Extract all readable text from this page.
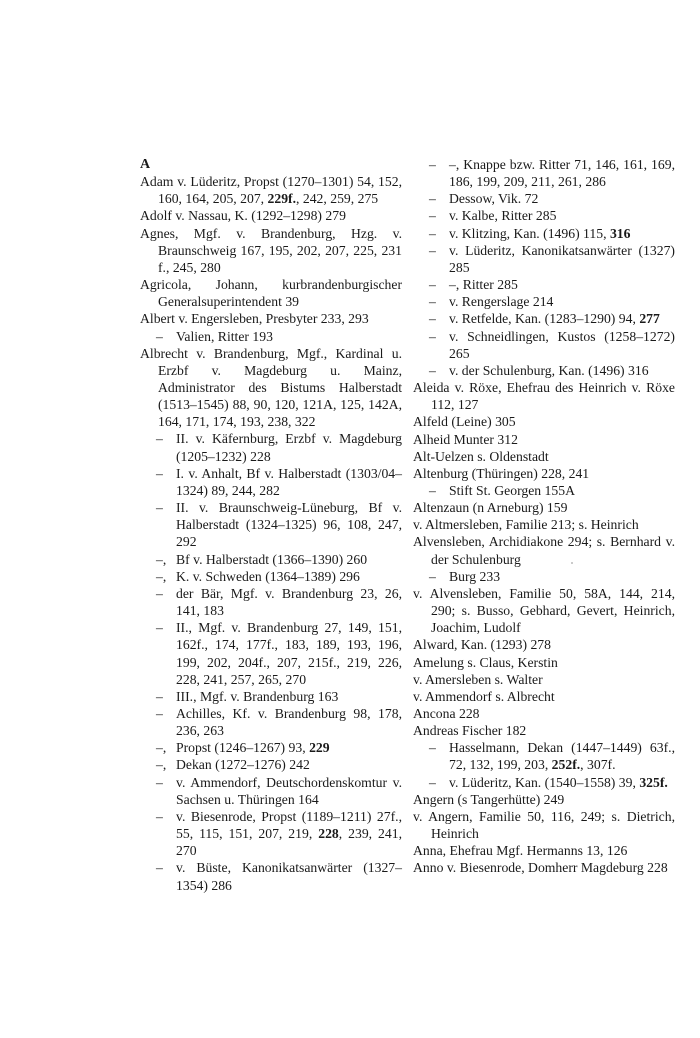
A
Adam v. Lüderitz, Propst (1270–1301) 54, 152, 160, 164, 205, 207, 229f., 242, 259, 275
Adolf v. Nassau, K. (1292–1298) 279
Agnes, Mgf. v. Brandenburg, Hzg. v. Braunschweig 167, 195, 202, 207, 225, 231 f., 245, 280
Agricola, Johann, kurbrandenburgischer Generalsuperintendent 39
Albert v. Engersleben, Presbyter 233, 293
– Valien, Ritter 193
Albrecht v. Brandenburg, Mgf., Kardinal u. Erzbf v. Magdeburg u. Mainz, Administrator des Bistums Halberstadt (1513–1545) 88, 90, 120, 121A, 125, 142A, 164, 171, 174, 193, 238, 322
– II. v. Käfernburg, Erzbf v. Magdeburg (1205–1232) 228
– I. v. Anhalt, Bf v. Halberstadt (1303/04–1324) 89, 244, 282
– II. v. Braunschweig-Lüneburg, Bf v. Halberstadt (1324–1325) 96, 108, 247, 292
–, Bf v. Halberstadt (1366–1390) 260
–, K. v. Schweden (1364–1389) 296
– der Bär, Mgf. v. Brandenburg 23, 26, 141, 183
– II., Mgf. v. Brandenburg 27, 149, 151, 162f., 174, 177f., 183, 189, 193, 196, 199, 202, 204f., 207, 215f., 219, 226, 228, 241, 257, 265, 270
– III., Mgf. v. Brandenburg 163
– Achilles, Kf. v. Brandenburg 98, 178, 236, 263
–, Propst (1246–1267) 93, 229
–, Dekan (1272–1276) 242
– v. Ammendorf, Deutschordenskomtur v. Sachsen u. Thüringen 164
– v. Biesenrode, Propst (1189–1211) 27f., 55, 115, 151, 207, 219, 228, 239, 241, 270
– v. Büste, Kanonikatsanwärter (1327–1354) 286
– –, Knappe bzw. Ritter 71, 146, 161, 169, 186, 199, 209, 211, 261, 286
– Dessow, Vik. 72
– v. Kalbe, Ritter 285
– v. Klitzing, Kan. (1496) 115, 316
– v. Lüderitz, Kanonikatsanwärter (1327) 285
– –, Ritter 285
– v. Rengerslage 214
– v. Retfelde, Kan. (1283–1290) 94, 277
– v. Schneidlingen, Kustos (1258–1272) 265
– v. der Schulenburg, Kan. (1496) 316
Aleida v. Röxe, Ehefrau des Heinrich v. Röxe 112, 127
Alfeld (Leine) 305
Alheid Munter 312
Alt-Uelzen s. Oldenstadt
Altenburg (Thüringen) 228, 241
– Stift St. Georgen 155A
Altenzaun (n Arneburg) 159
v. Altmersleben, Familie 213; s. Heinrich
Alvensleben, Archidiakone 294; s. Bernhard v. der Schulenburg
– Burg 233
v. Alvensleben, Familie 50, 58A, 144, 214, 290; s. Busso, Gebhard, Gevert, Heinrich, Joachim, Ludolf
Alward, Kan. (1293) 278
Amelung s. Claus, Kerstin
v. Amersleben s. Walter
v. Ammendorf s. Albrecht
Ancona 228
Andreas Fischer 182
– Hasselmann, Dekan (1447–1449) 63f., 72, 132, 199, 203, 252f., 307f.
– v. Lüderitz, Kan. (1540–1558) 39, 325f.
Angern (s Tangerhütte) 249
v. Angern, Familie 50, 116, 249; s. Dietrich, Heinrich
Anna, Ehefrau Mgf. Hermanns 13, 126
Anno v. Biesenrode, Domherr Magdeburg 228
